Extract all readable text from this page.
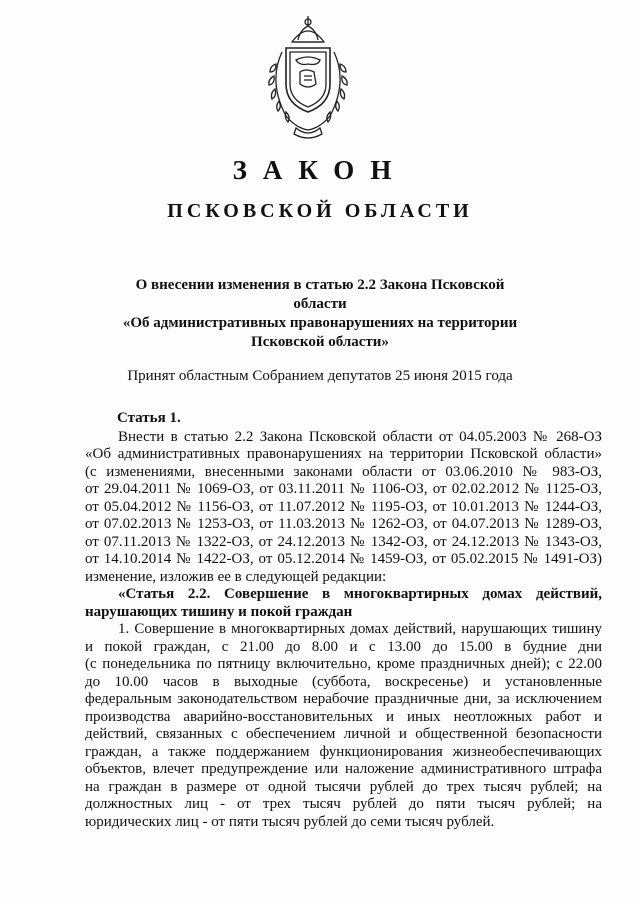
ЗАКОН
ПСКОВСКОЙ ОБЛАСТИ
О внесении изменения в статью 2.2 Закона Псковской области
«Об административных правонарушениях на территории
Псковской области»
Принят областным Собранием депутатов 25 июня 2015 года
Статья 1.
Внести в статью 2.2 Закона Псковской области от 04.05.2003 № 268-ОЗ
«Об административных правонарушениях на территории Псковской области»
(с изменениями, внесенными законами области от 03.06.2010 № 983-ОЗ,
от 29.04.2011 № 1069-ОЗ, от 03.11.2011 № 1106-ОЗ, от 02.02.2012 № 1125-ОЗ,
от 05.04.2012 № 1156-ОЗ, от 11.07.2012 № 1195-ОЗ, от 10.01.2013 № 1244-ОЗ,
от 07.02.2013 № 1253-ОЗ, от 11.03.2013 № 1262-ОЗ, от 04.07.2013 № 1289-ОЗ,
от 07.11.2013 № 1322-ОЗ, от 24.12.2013 № 1342-ОЗ, от 24.12.2013 № 1343-ОЗ,
от 14.10.2014 № 1422-ОЗ, от 05.12.2014 № 1459-ОЗ, от 05.02.2015 № 1491-ОЗ)
изменение, изложив ее в следующей редакции:
«Статья 2.2. Совершение в многоквартирных домах действий,
нарушающих тишину и покой граждан
1. Совершение в многоквартирных домах действий, нарушающих тишину
и покой граждан, с 21.00 до 8.00 и с 13.00 до 15.00 в будние дни
(с понедельника по пятницу включительно, кроме праздничных дней); с 22.00
до 10.00 часов в выходные (суббота, воскресенье) и установленные
федеральным законодательством нерабочие праздничные дни, за исключением
производства аварийно-восстановительных и иных неотложных работ и
действий, связанных с обеспечением личной и общественной безопасности
граждан, а также поддержанием функционирования жизнеобеспечивающих
объектов, влечет предупреждение или наложение административного штрафа
на граждан в размере от одной тысячи рублей до трех тысяч рублей; на
должностных лиц - от трех тысяч рублей до пяти тысяч рублей; на
юридических лиц - от пяти тысяч рублей до семи тысяч рублей.
